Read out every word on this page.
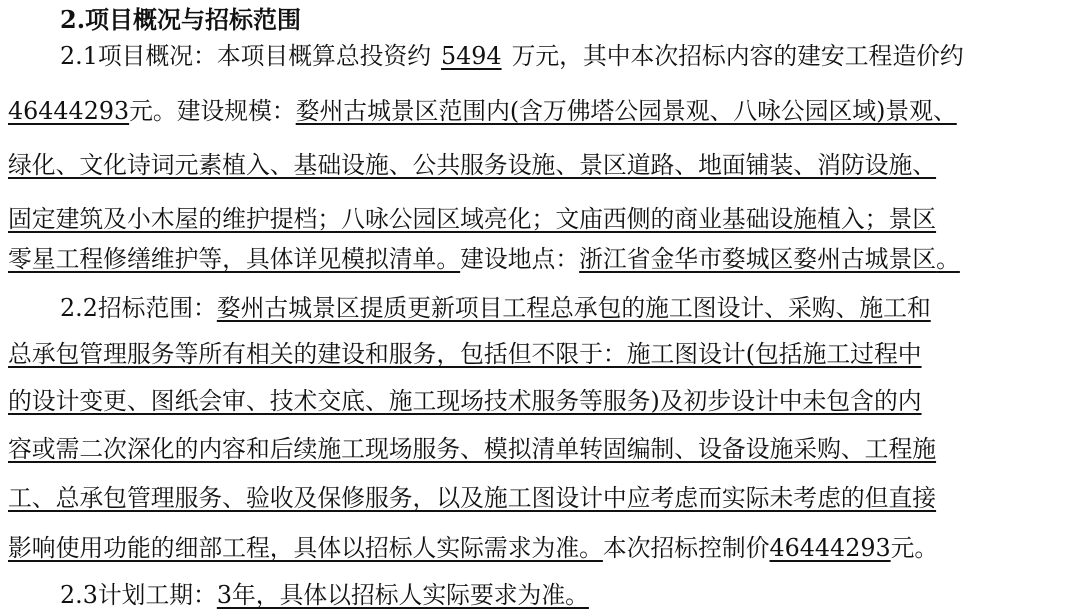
2.项目概况与招标范围
2.1项目概况：本项目概算总投资约 5494 万元，其中本次招标内容的建安工程造价约
46444293元。建设规模：婺州古城景区范围内(含万佛塔公园景观、八咏公园区域)景观、
绿化、文化诗词元素植入、基础设施、公共服务设施、景区道路、地面铺装、消防设施、
固定建筑及小木屋的维护提档；八咏公园区域亮化；文庙西侧的商业基础设施植入；景区
零星工程修缮维护等，具体详见模拟清单。建设地点：浙江省金华市婺城区婺州古城景区。
2.2招标范围：婺州古城景区提质更新项目工程总承包的施工图设计、采购、施工和
总承包管理服务等所有相关的建设和服务，包括但不限于：施工图设计(包括施工过程中
的设计变更、图纸会审、技术交底、施工现场技术服务等服务)及初步设计中未包含的内
容或需二次深化的内容和后续施工现场服务、模拟清单转固编制、设备设施采购、工程施
工、总承包管理服务、验收及保修服务，以及施工图设计中应考虑而实际未考虑的但直接
影响使用功能的细部工程，具体以招标人实际需求为准。本次招标控制价46444293元。
2.3计划工期：3年，具体以招标人实际要求为准。
